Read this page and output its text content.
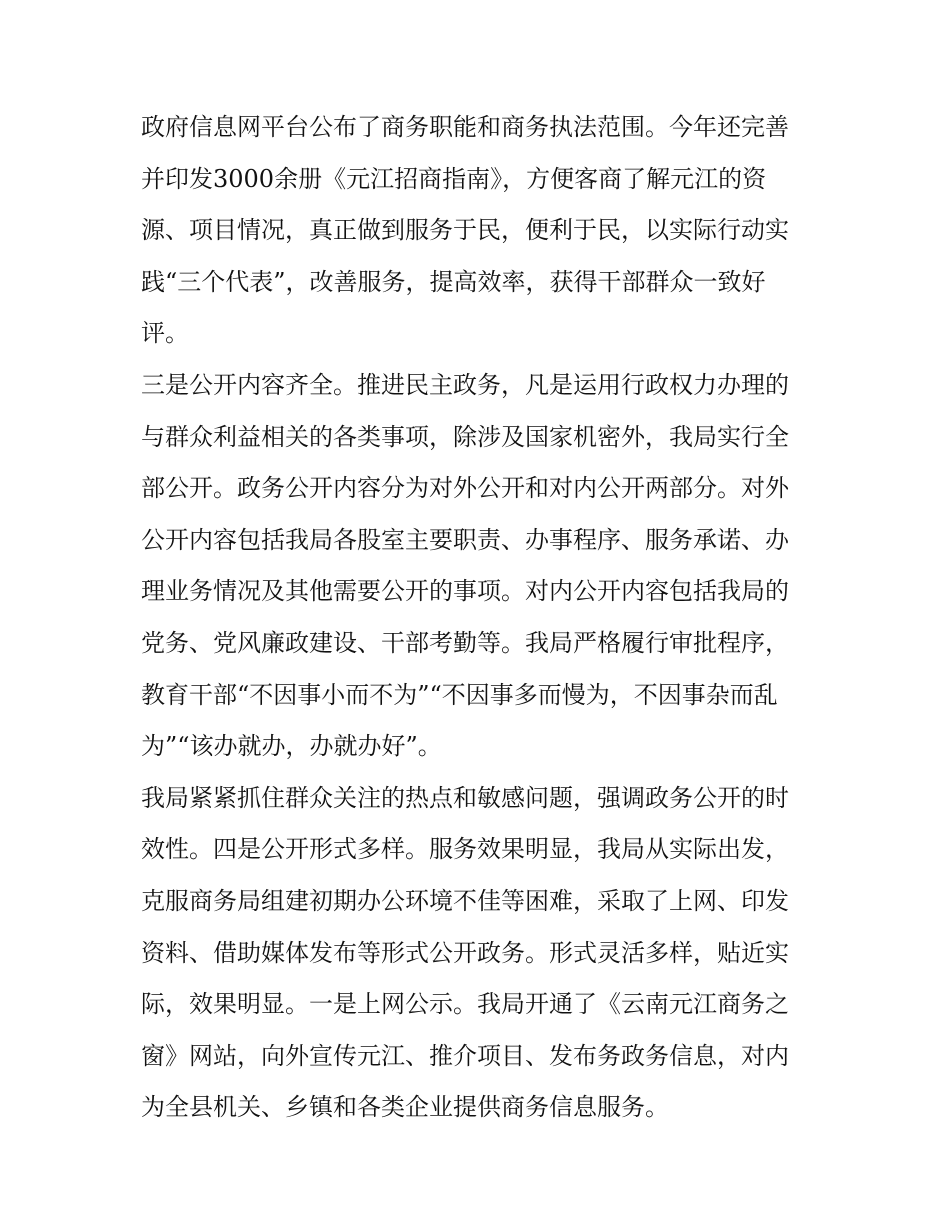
政府信息网平台公布了商务职能和商务执法范围。今年还完善
并印发3000余册《元江招商指南》，方便客商了解元江的资
源、项目情况，真正做到服务于民，便利于民，以实际行动实
践“三个代表”，改善服务，提高效率，获得干部群众一致好
评。

三是公开内容齐全。推进民主政务，凡是运用行政权力办理的
与群众利益相关的各类事项，除涉及国家机密外，我局实行全
部公开。政务公开内容分为对外公开和对内公开两部分。对外
公开内容包括我局各股室主要职责、办事程序、服务承诺、办
理业务情况及其他需要公开的事项。对内公开内容包括我局的
党务、党风廉政建设、干部考勤等。我局严格履行审批程序，
教育干部“不因事小而不为”“不因事多而慢为，不因事杂而乱
为”“该办就办，办就办好”。

我局紧紧抓住群众关注的热点和敏感问题，强调政务公开的时
效性。四是公开形式多样。服务效果明显，我局从实际出发，
克服商务局组建初期办公环境不佳等困难，采取了上网、印发
资料、借助媒体发布等形式公开政务。形式灵活多样，贴近实
际，效果明显。一是上网公示。我局开通了《云南元江商务之
窗》网站，向外宣传元江、推介项目、发布务政务信息，对内
为全县机关、乡镇和各类企业提供商务信息服务。
